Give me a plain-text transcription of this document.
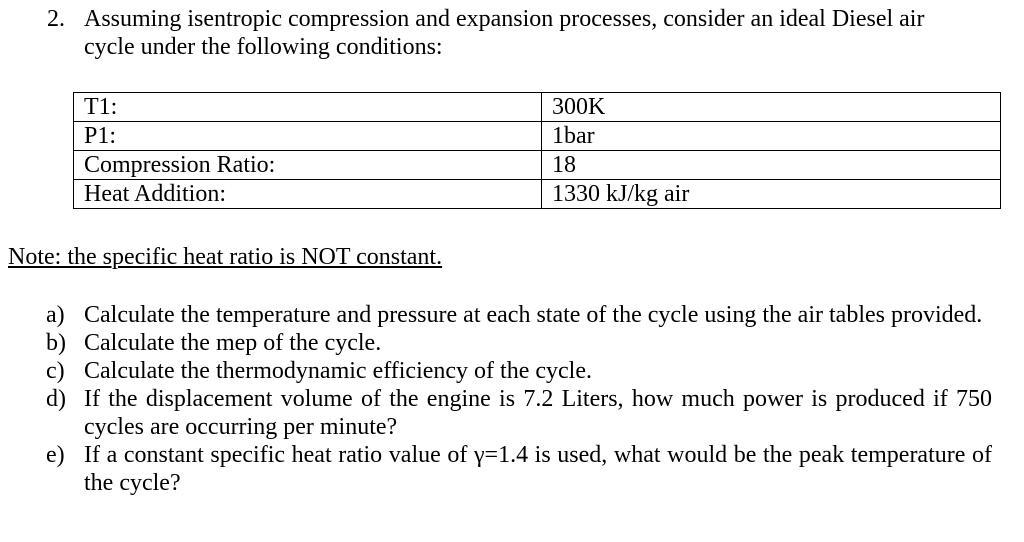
2. Assuming isentropic compression and expansion processes, consider an ideal Diesel air cycle under the following conditions:
T1:	300K
P1:	1bar
Compression Ratio:	18
Heat Addition:	1330 kJ/kg air
Note: the specific heat ratio is NOT constant.
a) Calculate the temperature and pressure at each state of the cycle using the air tables provided.
b) Calculate the mep of the cycle.
c) Calculate the thermodynamic efficiency of the cycle.
d) If the displacement volume of the engine is 7.2 Liters, how much power is produced if 750 cycles are occurring per minute?
e) If a constant specific heat ratio value of γ=1.4 is used, what would be the peak temperature of the cycle?
